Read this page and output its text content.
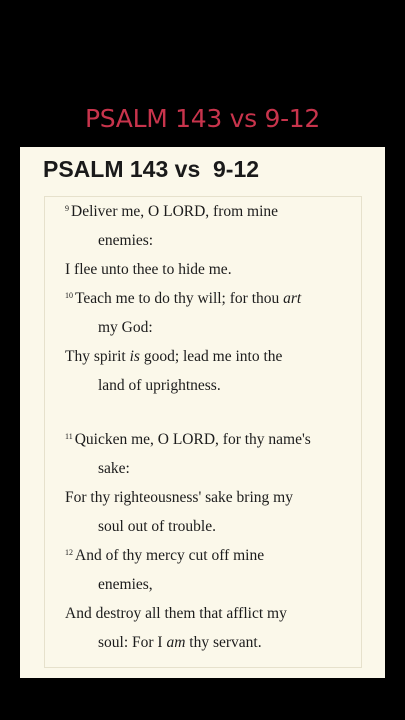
PSALM 143 vs 9-12
PSALM 143 vs  9-12
$^9$ Deliver me, O LORD, from mine
enemies:
I flee unto thee to hide me.
$^{10}$ Teach me to do thy will; for thou art
my God:
Thy spirit is good; lead me into the
land of uprightness.
$^{11}$ Quicken me, O LORD, for thy name's
sake:
For thy righteousness' sake bring my
soul out of trouble.
$^{12}$ And of thy mercy cut off mine
enemies,
And destroy all them that afflict my
soul: For I am thy servant.
